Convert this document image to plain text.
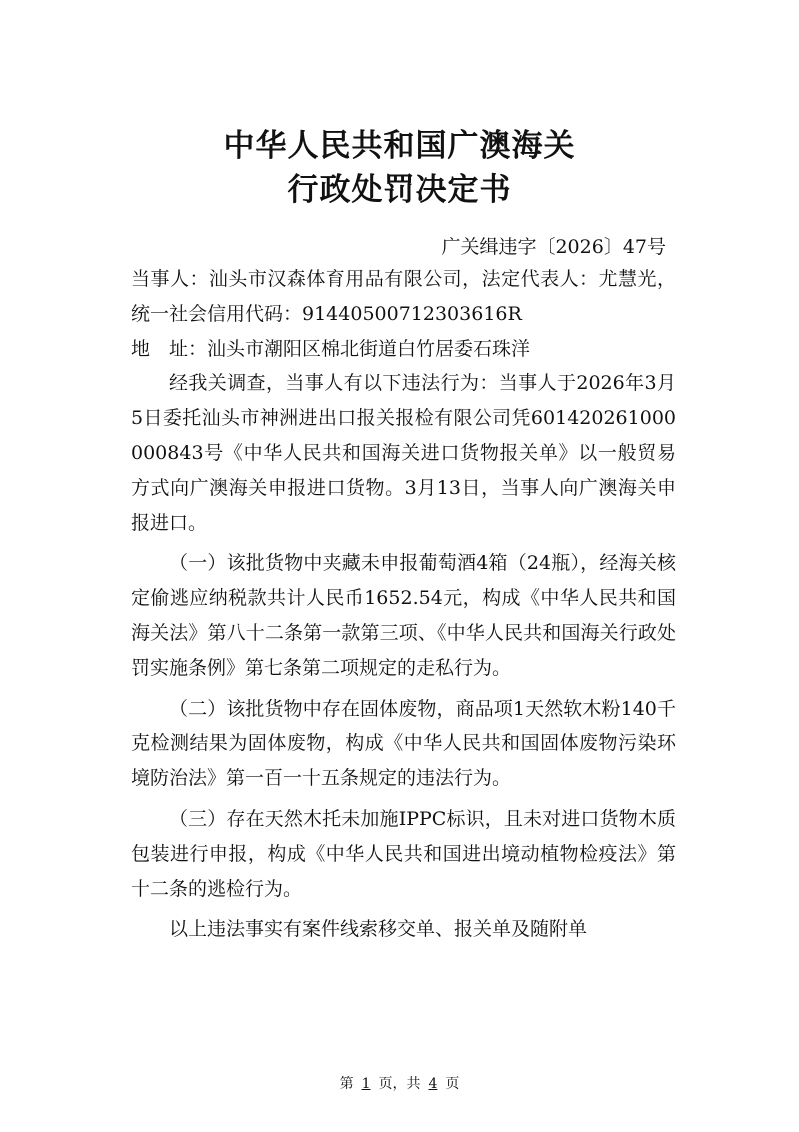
中华人民共和国广澳海关
行政处罚决定书
广关缉违字〔2026〕47号

当事人：汕头市汉森体育用品有限公司，法定代表人：尤慧光，统一社会信用代码：91440500712303616R

地　址：汕头市潮阳区棉北街道白竹居委石珠洋

经我关调查，当事人有以下违法行为：当事人于2026年3月5日委托汕头市神洲进出口报关报检有限公司凭601420261000000843号《中华人民共和国海关进口货物报关单》以一般贸易方式向广澳海关申报进口货物。3月13日，当事人向广澳海关申报进口。

（一）该批货物中夹藏未申报葡萄酒4箱（24瓶），经海关核定偷逃应纳税款共计人民币1652.54元，构成《中华人民共和国海关法》第八十二条第一款第三项、《中华人民共和国海关行政处罚实施条例》第七条第二项规定的走私行为。

（二）该批货物中存在固体废物，商品项1天然软木粉140千克检测结果为固体废物，构成《中华人民共和国固体废物污染环境防治法》第一百一十五条规定的违法行为。

（三）存在天然木托未加施IPPC标识，且未对进口货物木质包装进行申报，构成《中华人民共和国进出境动植物检疫法》第十二条的逃检行为。

以上违法事实有案件线索移交单、报关单及随附单

第 1 页，共 4 页
